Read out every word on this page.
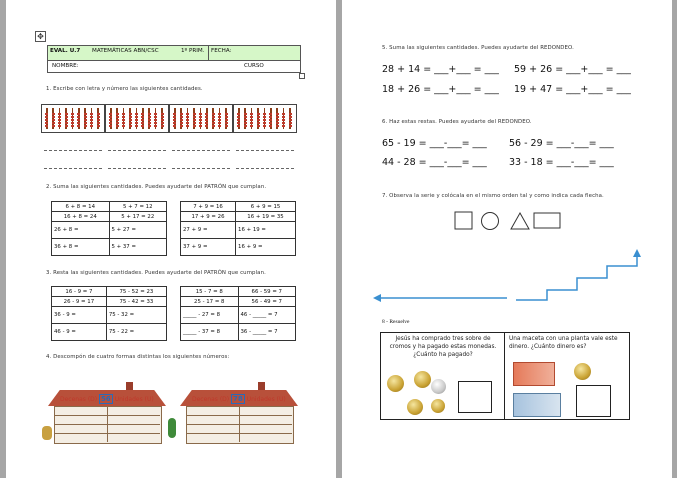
✥
EVAL. U.7 MATEMÁTICAS ABN/CSC	1º PRIM. FECHA:
NOMBRE:	CURSO
1. Escribe con letra y número las siguientes cantidades.
2. Suma las siguientes cantidades. Puedes ayudarte del PATRÓN que cumplan.
6 + 8 = 14	5 + 7 = 12
16 + 8 = 24	5 + 17 = 22
26 + 8 =	5 + 27 =
36 + 8 =	5 + 37 =
7 + 9 = 16	6 + 9 = 15
17 + 9 = 26	16 + 19 = 35
27 + 9 =	16 + 19 =
37 + 9 =	16 + 9 =
3. Resta las siguientes cantidades. Puedes ayudarte del PATRÓN que cumplan.
16 - 9 = 7	75 - 52 = 23
26 - 9 = 17	75 - 42 = 33
36 - 9 =	75 - 32 =
46 - 9 =	75 - 22 =
15 - 7 = 8	66 - 59 = 7
25 - 17 = 8	56 - 49 = 7
_____ - 27 = 8	46 - _____ = 7
_____ - 37 = 8	36 - _____ = 7
4. Descompón de cuatro formas distintas los siguientes números:
Decenas (D) 56 Unidades (U)	Decenas (D) 78 Unidades (U)
5. Suma las siguientes cantidades. Puedes ayudarte del REDONDEO.
28 + 14 = ___+___ = ___ 59 + 26 = ___+___ = ___
18 + 26 = ___+___ = ___ 19 + 47 = ___+___ = ___
6. Haz estas restas. Puedes ayudarte del REDONDEO.
65 - 19 = ___-___= ___ 56 - 29 = ___-___= ___
44 - 28 = ___-___= ___ 33 - 18 = ___-___= ___
7. Observa la serie y colócala en el mismo orden tal y como indica cada flecha.
8 - Resuelve
Jesús ha comprado tres sobre de cromos y ha pagado estas monedas. ¿Cuánto ha pagado?
Una maceta con una planta vale este dinero. ¿Cuánto dinero es?
